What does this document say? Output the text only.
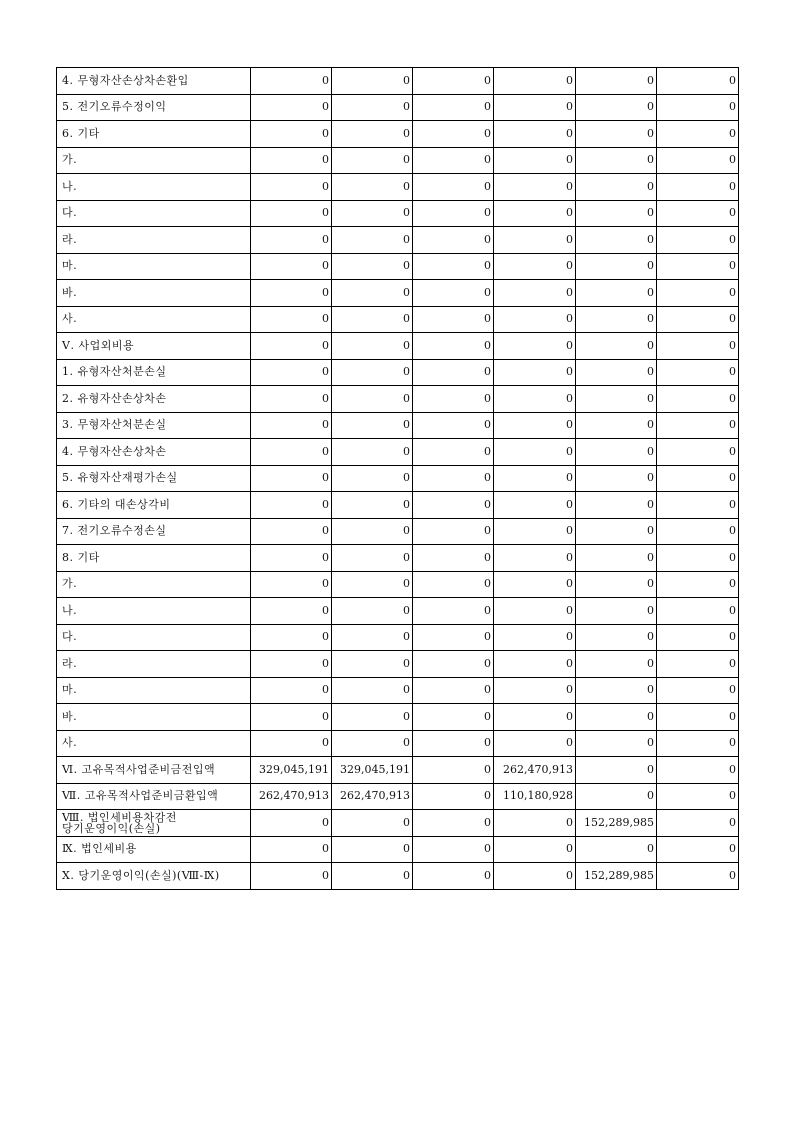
4. 무형자산손상차손환입	0	0	0	0	0	0
5. 전기오류수정이익	0	0	0	0	0	0
6. 기타	0	0	0	0	0	0
가.	0	0	0	0	0	0
나.	0	0	0	0	0	0
다.	0	0	0	0	0	0
라.	0	0	0	0	0	0
마.	0	0	0	0	0	0
바.	0	0	0	0	0	0
사.	0	0	0	0	0	0
Ⅴ. 사업외비용	0	0	0	0	0	0
1. 유형자산처분손실	0	0	0	0	0	0
2. 유형자산손상차손	0	0	0	0	0	0
3. 무형자산처분손실	0	0	0	0	0	0
4. 무형자산손상차손	0	0	0	0	0	0
5. 유형자산재평가손실	0	0	0	0	0	0
6. 기타의 대손상각비	0	0	0	0	0	0
7. 전기오류수정손실	0	0	0	0	0	0
8. 기타	0	0	0	0	0	0
가.	0	0	0	0	0	0
나.	0	0	0	0	0	0
다.	0	0	0	0	0	0
라.	0	0	0	0	0	0
마.	0	0	0	0	0	0
바.	0	0	0	0	0	0
사.	0	0	0	0	0	0
Ⅵ. 고유목적사업준비금전입액	329,045,191	329,045,191	0	262,470,913	0	0
Ⅶ. 고유목적사업준비금환입액	262,470,913	262,470,913	0	110,180,928	0	0
Ⅷ. 법인세비용차감전
당기운영이익(손실)	0	0	0	0	152,289,985	0
Ⅸ. 법인세비용	0	0	0	0	0	0
Ⅹ. 당기운영이익(손실)(Ⅷ-Ⅸ)	0	0	0	0	152,289,985	0
